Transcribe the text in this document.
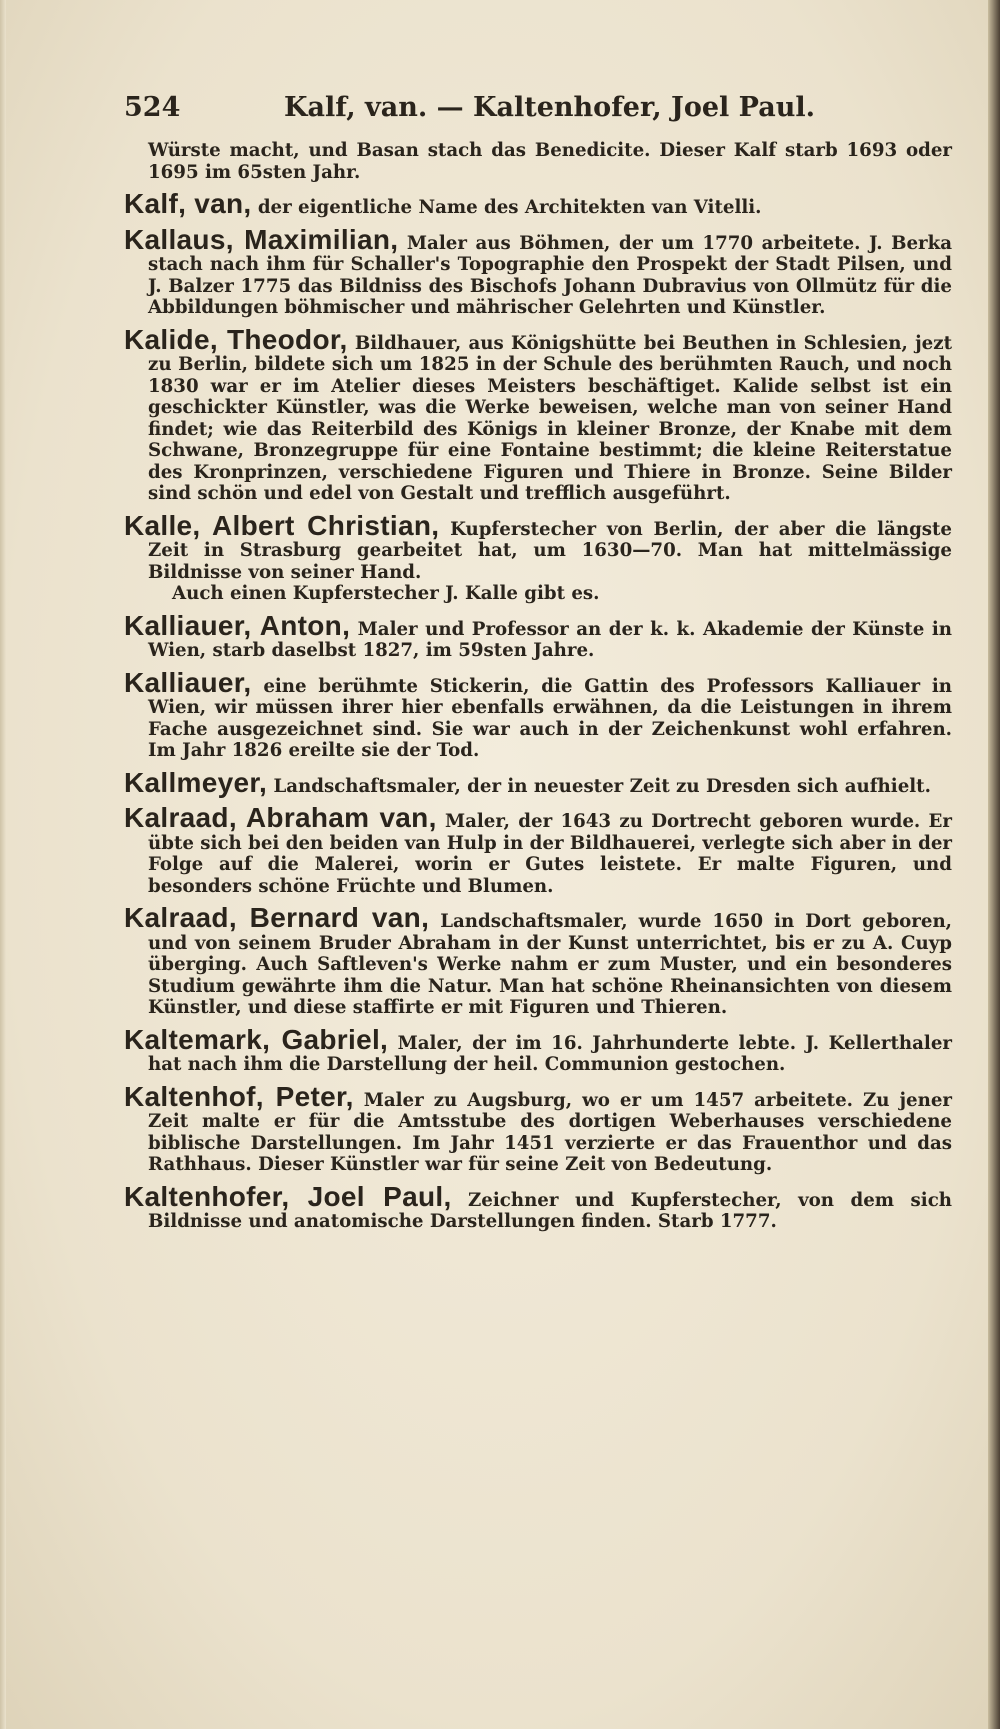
524	Kalf, van. — Kaltenhofer, Joel Paul.

Würste macht, und Basan stach das Benedicite. Dieser Kalf starb 1693 oder 1695 im 65sten Jahr.

Kalf, van, der eigentliche Name des Architekten van Vitelli.

Kallaus, Maximilian, Maler aus Böhmen, der um 1770 arbeitete. J. Berka stach nach ihm für Schaller's Topographie den Prospekt der Stadt Pilsen, und J. Balzer 1775 das Bildniss des Bischofs Johann Dubravius von Ollmütz für die Abbildungen böhmischer und mährischer Gelehrten und Künstler.

Kalide, Theodor, Bildhauer, aus Königshütte bei Beuthen in Schlesien, jezt zu Berlin, bildete sich um 1825 in der Schule des berühmten Rauch, und noch 1830 war er im Atelier dieses Meisters beschäftiget. Kalide selbst ist ein geschickter Künstler, was die Werke beweisen, welche man von seiner Hand findet; wie das Reiterbild des Königs in kleiner Bronze, der Knabe mit dem Schwane, Bronzegruppe für eine Fontaine bestimmt; die kleine Reiterstatue des Kronprinzen, verschiedene Figuren und Thiere in Bronze. Seine Bilder sind schön und edel von Gestalt und trefflich ausgeführt.

Kalle, Albert Christian, Kupferstecher von Berlin, der aber die längste Zeit in Strasburg gearbeitet hat, um 1630—70. Man hat mittelmässige Bildnisse von seiner Hand.
Auch einen Kupferstecher J. Kalle gibt es.

Kalliauer, Anton, Maler und Professor an der k. k. Akademie der Künste in Wien, starb daselbst 1827, im 59sten Jahre.

Kalliauer, eine berühmte Stickerin, die Gattin des Professors Kalliauer in Wien, wir müssen ihrer hier ebenfalls erwähnen, da die Leistungen in ihrem Fache ausgezeichnet sind. Sie war auch in der Zeichenkunst wohl erfahren. Im Jahr 1826 ereilte sie der Tod.

Kallmeyer, Landschaftsmaler, der in neuester Zeit zu Dresden sich aufhielt.

Kalraad, Abraham van, Maler, der 1643 zu Dortrecht geboren wurde. Er übte sich bei den beiden van Hulp in der Bildhauerei, verlegte sich aber in der Folge auf die Malerei, worin er Gutes leistete. Er malte Figuren, und besonders schöne Früchte und Blumen.

Kalraad, Bernard van, Landschaftsmaler, wurde 1650 in Dort geboren, und von seinem Bruder Abraham in der Kunst unterrichtet, bis er zu A. Cuyp überging. Auch Saftleven's Werke nahm er zum Muster, und ein besonderes Studium gewährte ihm die Natur. Man hat schöne Rheinansichten von diesem Künstler, und diese staffirte er mit Figuren und Thieren.

Kaltemark, Gabriel, Maler, der im 16. Jahrhunderte lebte. J. Kellerthaler hat nach ihm die Darstellung der heil. Communion gestochen.

Kaltenhof, Peter, Maler zu Augsburg, wo er um 1457 arbeitete. Zu jener Zeit malte er für die Amtsstube des dortigen Weberhauses verschiedene biblische Darstellungen. Im Jahr 1451 verzierte er das Frauenthor und das Rathhaus. Dieser Künstler war für seine Zeit von Bedeutung.

Kaltenhofer, Joel Paul, Zeichner und Kupferstecher, von dem sich Bildnisse und anatomische Darstellungen finden. Starb 1777.
